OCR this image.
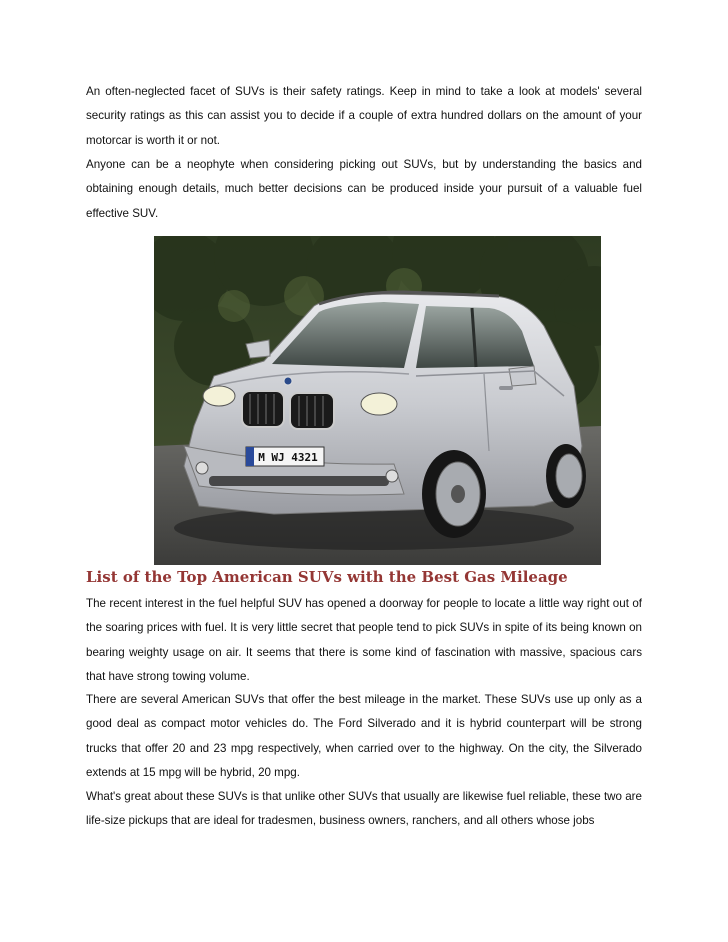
An often-neglected facet of SUVs is their safety ratings. Keep in mind to take a look at models' several security ratings as this can assist you to decide if a couple of extra hundred dollars on the amount of your motorcar is worth it or not.

Anyone can be a neophyte when considering picking out SUVs, but by understanding the basics and obtaining enough details, much better decisions can be produced inside your pursuit of a valuable fuel effective SUV.

M WJ 4321
List of the Top American SUVs with the Best Gas Mileage

The recent interest in the fuel helpful SUV has opened a doorway for people to locate a little way right out of the soaring prices with fuel. It is very little secret that people tend to pick SUVs in spite of its being known on bearing weighty usage on air. It seems that there is some kind of fascination with massive, spacious cars that have strong towing volume.

There are several American SUVs that offer the best mileage in the market. These SUVs use up only as a good deal as compact motor vehicles do. The Ford Silverado and it is hybrid counterpart will be strong trucks that offer 20 and 23 mpg respectively, when carried over to the highway. On the city, the Silverado extends at 15 mpg will be hybrid, 20 mpg.

What's great about these SUVs is that unlike other SUVs that usually are likewise fuel reliable, these two are life-size pickups that are ideal for tradesmen, business owners, ranchers, and all others whose jobs
